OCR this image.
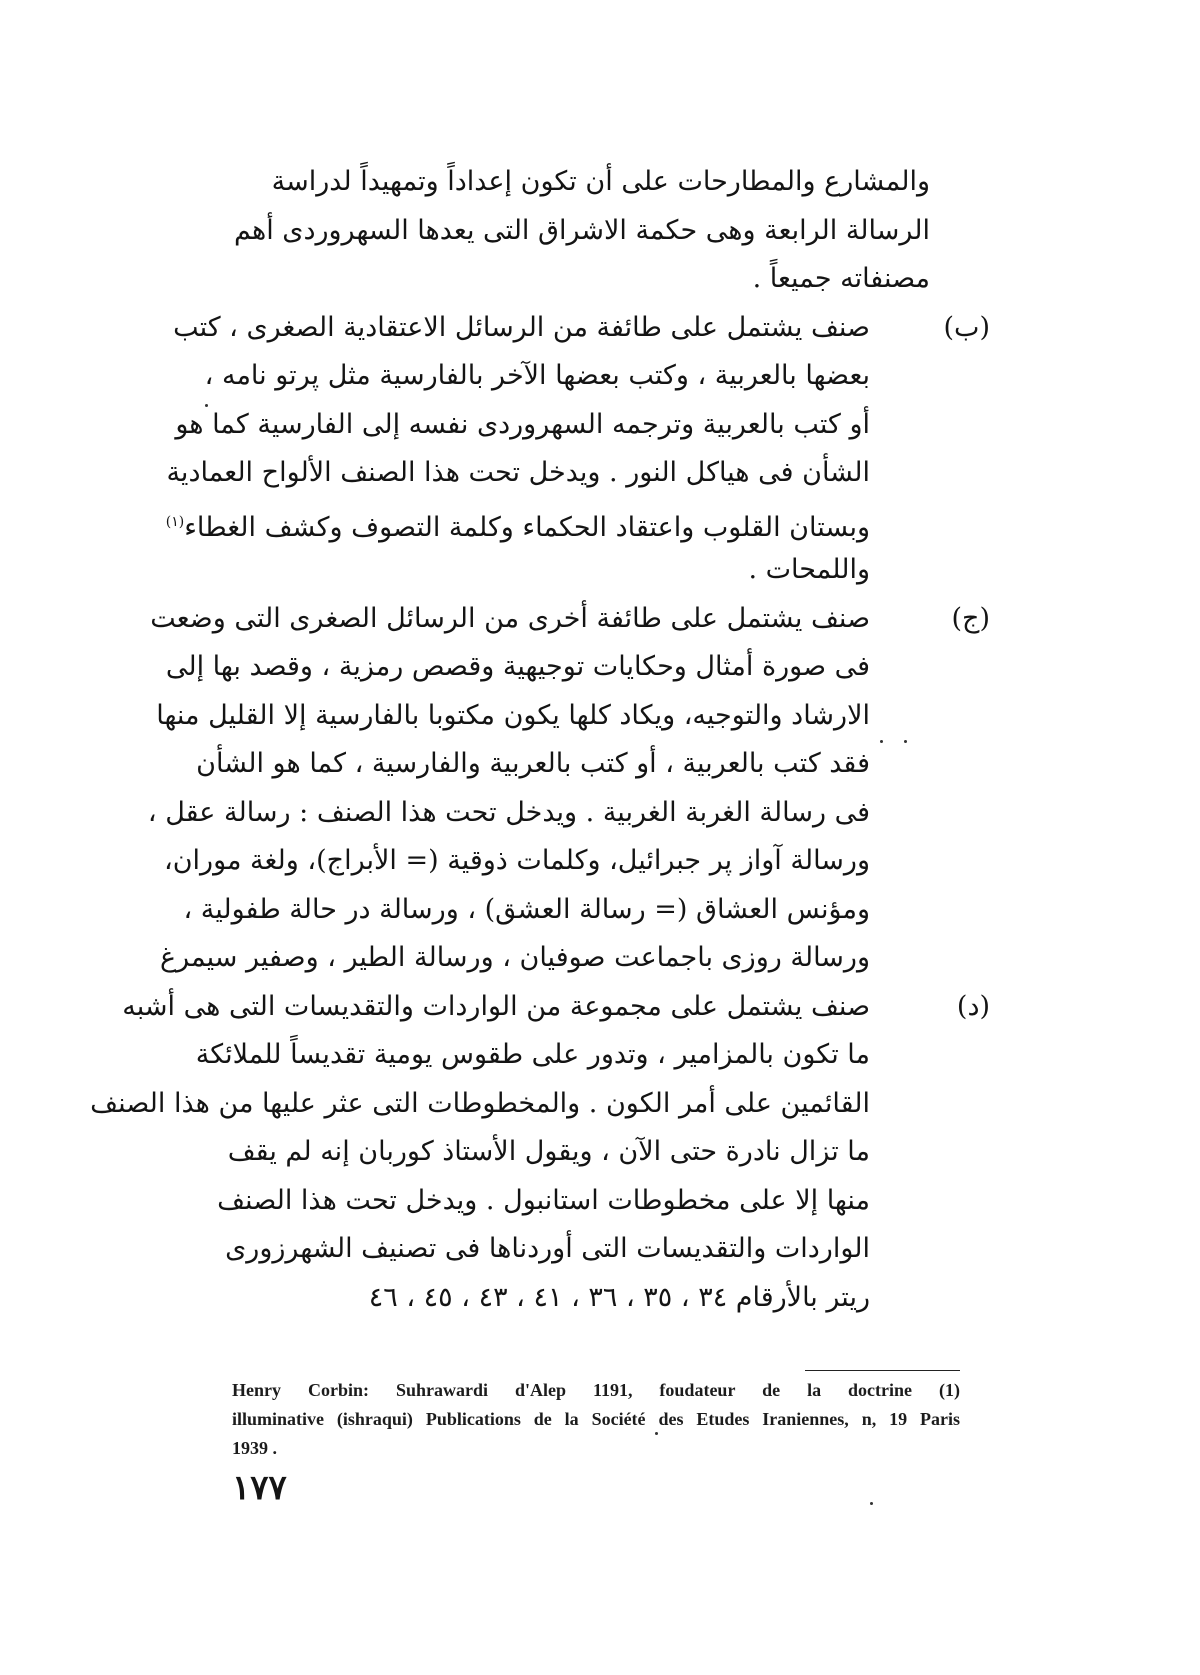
والمشارع والمطارحات على أن تكون إعداداً وتمهيداً لدراسة
الرسالة الرابعة وهى حكمة الاشراق التى يعدها السهروردى أهم
مصنفاته جميعاً .
(ب)
صنف يشتمل على طائفة من الرسائل الاعتقادية الصغرى ، كتب
بعضها بالعربية ، وكتب بعضها الآخر بالفارسية مثل پرتو نامه ،
أو كتب بالعربية وترجمه السهروردى نفسه إلى الفارسية كما هو
الشأن فى هياكل النور . ويدخل تحت هذا الصنف الألواح العمادية
وبستان القلوب واعتقاد الحكماء وكلمة التصوف وكشف الغطاء$^{(١)}$
واللمحات .
(ج)
صنف يشتمل على طائفة أخرى من الرسائل الصغرى التى وضعت
فى صورة أمثال وحكايات توجيهية وقصص رمزية ، وقصد بها إلى
الارشاد والتوجيه، ويكاد كلها يكون مكتوبا بالفارسية إلا القليل منها
فقد كتب بالعربية ، أو كتب بالعربية والفارسية ، كما هو الشأن
فى رسالة الغربة الغربية . ويدخل تحت هذا الصنف : رسالة عقل ،
ورسالة آواز پر جبرائيل، وكلمات ذوقية (= الأبراج)، ولغة موران،
ومؤنس العشاق (= رسالة العشق) ، ورسالة در حالة طفولية ،
ورسالة روزى باجماعت صوفيان ، ورسالة الطير ، وصفير سيمرغ
(د)
صنف يشتمل على مجموعة من الواردات والتقديسات التى هى أشبه
ما تكون بالمزامير ، وتدور على طقوس يومية تقديساً للملائكة
القائمين على أمر الكون . والمخطوطات التى عثر عليها من هذا الصنف
ما تزال نادرة حتى الآن ، ويقول الأستاذ كوربان إنه لم يقف
منها إلا على مخطوطات استانبول . ويدخل تحت هذا الصنف
الواردات والتقديسات التى أوردناها فى تصنيف الشهرزورى
ريتر بالأرقام ٣٤ ، ٣٥ ، ٣٦ ، ٤١ ، ٤٣ ، ٤٥ ، ٤٦
Henry Corbin: Suhrawardi d'Alep 1191, foudateur de la doctrine (1)
illuminative (ishraqui) Publications de la Société des Etudes Iraniennes, n, 19 Paris
1939 .
١٧٧
